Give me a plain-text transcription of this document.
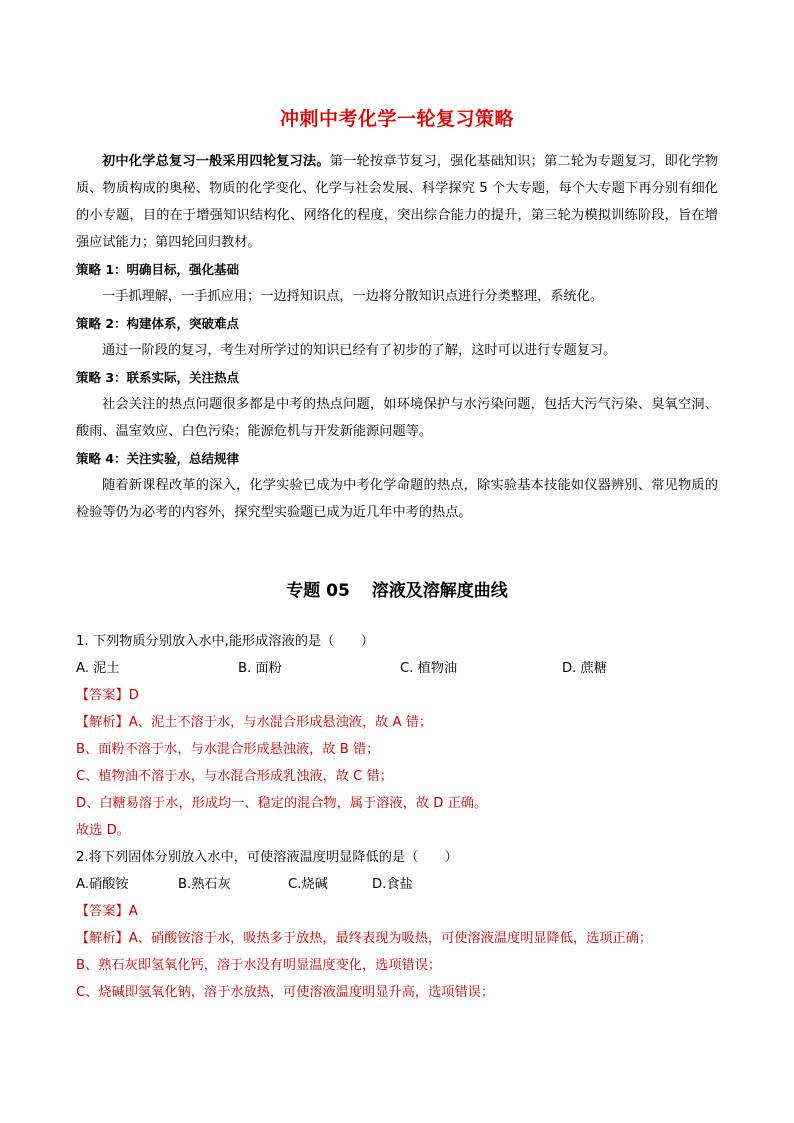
冲刺中考化学一轮复习策略

初中化学总复习一般采用四轮复习法。第一轮按章节复习，强化基础知识；第二轮为专题复习，即化学物质、物质构成的奥秘、物质的化学变化、化学与社会发展、科学探究 5 个大专题，每个大专题下再分别有细化的小专题，目的在于增强知识结构化、网络化的程度，突出综合能力的提升，第三轮为模拟训练阶段，旨在增强应试能力；第四轮回归教材。

策略 1：明确目标，强化基础

一手抓理解，一手抓应用；一边捋知识点，一边将分散知识点进行分类整理，系统化。

策略 2：构建体系，突破难点

通过一阶段的复习，考生对所学过的知识已经有了初步的了解，这时可以进行专题复习。

策略 3：联系实际，关注热点

社会关注的热点问题很多都是中考的热点问题，如环境保护与水污染问题，包括大污气污染、臭氧空洞、酸雨、温室效应、白色污染；能源危机与开发新能源问题等。

策略 4：关注实验，总结规律

随着新课程改革的深入，化学实验已成为中考化学命题的热点，除实验基本技能如仪器辨别、常见物质的检验等仍为必考的内容外，探究型实验题已成为近几年中考的热点。

专题 05 溶液及溶解度曲线

1. 下列物质分别放入水中,能形成溶液的是（　　）

A. 泥土	B. 面粉	C. 植物油	D. 蔗糖

【答案】D

【解析】A、泥土不溶于水，与水混合形成悬浊液，故 A 错；

B、面粉不溶于水，与水混合形成悬浊液，故 B 错；

C、植物油不溶于水，与水混合形成乳浊液，故 C 错；

D、白糖易溶于水，形成均一、稳定的混合物，属于溶液，故 D 正确。

故选 D。

2.将下列固体分别放入水中，可使溶液温度明显降低的是（　　）

A.硝酸铵	B.熟石灰	C.烧碱	D.食盐

【答案】A

【解析】A、硝酸铵溶于水，吸热多于放热，最终表现为吸热，可使溶液温度明显降低，选项正确；

B、熟石灰即氢氧化钙，溶于水没有明显温度变化，选项错误；

C、烧碱即氢氧化钠，溶于水放热，可使溶液温度明显升高，选项错误；
